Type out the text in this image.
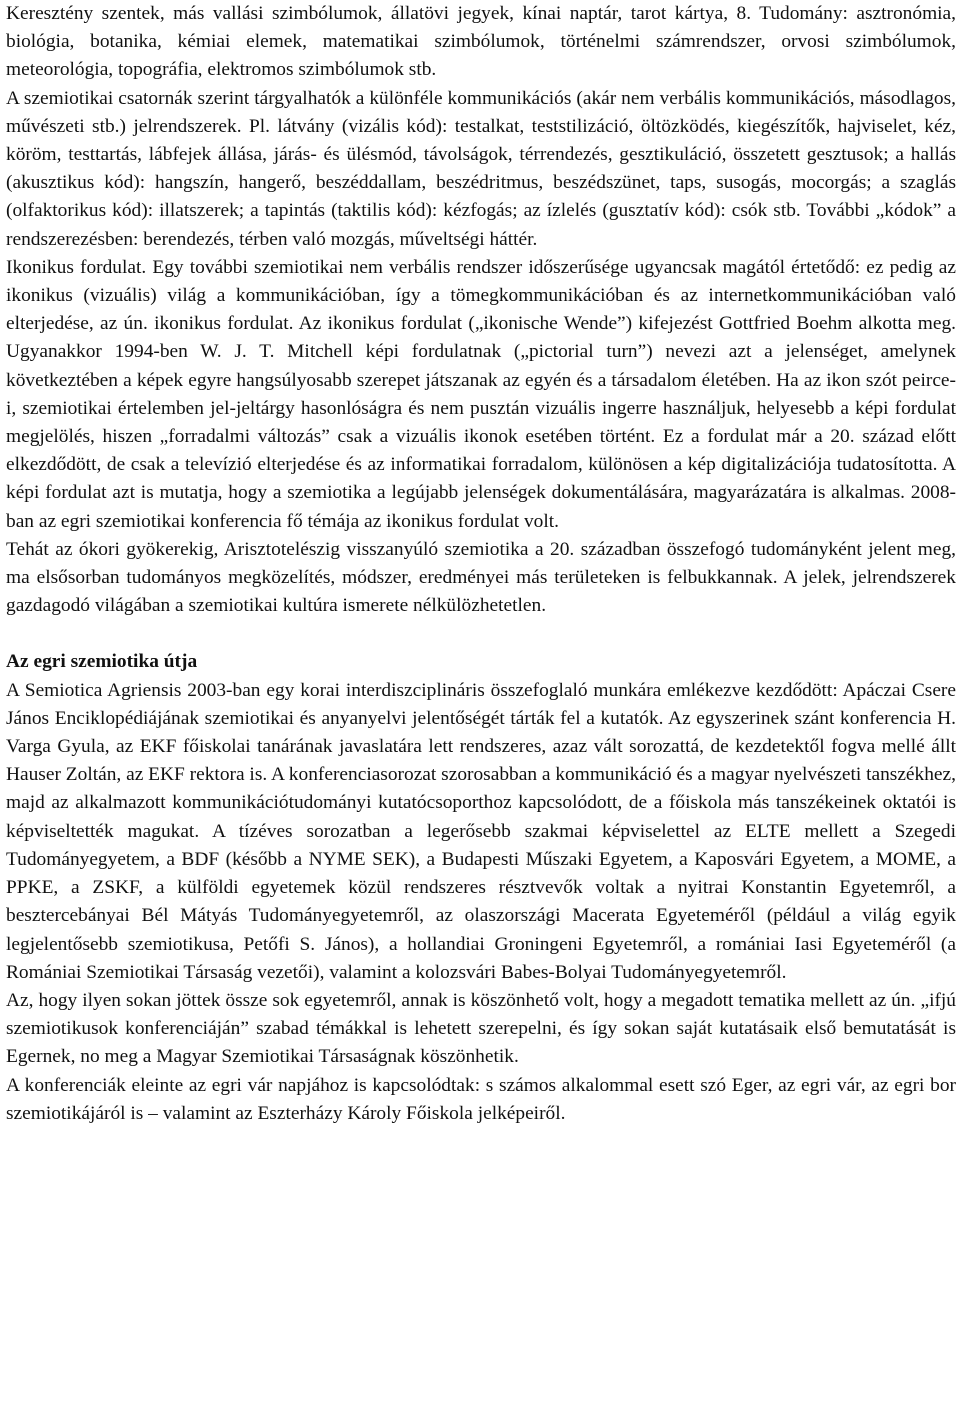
Keresztény szentek, más vallási szimbólumok, állatövi jegyek, kínai naptár, tarot kártya, 8. Tudomány: asztronómia, biológia, botanika, kémiai elemek, matematikai szimbólumok, történelmi számrendszer, orvosi szimbólumok, meteorológia, topográfia, elektromos szimbólumok stb.

A szemiotikai csatornák szerint tárgyalhatók a különféle kommunikációs (akár nem verbális kommunikációs, másodlagos, művészeti stb.) jelrendszerek. Pl. látvány (vizális kód): testalkat, teststilizáció, öltözködés, kiegészítők, hajviselet, kéz, köröm, testtartás, lábfejek állása, járás- és ülésmód, távolságok, térrendezés, gesztikuláció, összetett gesztusok; a hallás (akusztikus kód): hangszín, hangerő, beszéddallam, beszédritmus, beszédszünet, taps, susogás, mocorgás; a szaglás (olfaktorikus kód): illatszerek; a tapintás (taktilis kód): kézfogás; az ízlelés (gusztatív kód): csók stb. További „kódok” a rendszerezésben: berendezés, térben való mozgás, műveltségi háttér.

Ikonikus fordulat. Egy további szemiotikai nem verbális rendszer időszerűsége ugyancsak magától értetődő: ez pedig az ikonikus (vizuális) világ a kommunikációban, így a tömegkommunikációban és az internetkommunikációban való elterjedése, az ún. ikonikus fordulat. Az ikonikus fordulat („ikonische Wende”) kifejezést Gottfried Boehm alkotta meg. Ugyanakkor 1994-ben W. J. T. Mitchell képi fordulatnak („pictorial turn”) nevezi azt a jelenséget, amelynek következtében a képek egyre hangsúlyosabb szerepet játszanak az egyén és a társadalom életében. Ha az ikon szót peirce-i, szemiotikai értelemben jel-jeltárgy hasonlóságra és nem pusztán vizuális ingerre használjuk, helyesebb a képi fordulat megjelölés, hiszen „forradalmi változás” csak a vizuális ikonok esetében történt. Ez a fordulat már a 20. század előtt elkezdődött, de csak a televízió elterjedése és az informatikai forradalom, különösen a kép digitalizációja tudatosította. A képi fordulat azt is mutatja, hogy a szemiotika a legújabb jelenségek dokumentálására, magyarázatára is alkalmas. 2008-ban az egri szemiotikai konferencia fő témája az ikonikus fordulat volt.

Tehát az ókori gyökerekig, Arisztotelészig visszanyúló szemiotika a 20. században összefogó tudományként jelent meg, ma elsősorban tudományos megközelítés, módszer, eredményei más területeken is felbukkannak. A jelek, jelrendszerek gazdagodó világában a szemiotikai kultúra ismerete nélkülözhetetlen.

Az egri szemiotika útja

A Semiotica Agriensis 2003-ban egy korai interdiszciplináris összefoglaló munkára emlékezve kezdődött: Apáczai Csere János Enciklopédiájának szemiotikai és anyanyelvi jelentőségét tárták fel a kutatók. Az egyszerinek szánt konferencia H. Varga Gyula, az EKF főiskolai tanárának javaslatára lett rendszeres, azaz vált sorozattá, de kezdetektől fogva mellé állt Hauser Zoltán, az EKF rektora is. A konferenciasorozat szorosabban a kommunikáció és a magyar nyelvészeti tanszékhez, majd az alkalmazott kommunikációtudományi kutatócsoporthoz kapcsolódott, de a főiskola más tanszékeinek oktatói is képviseltették magukat. A tízéves sorozatban a legerősebb szakmai képviselettel az ELTE mellett a Szegedi Tudományegyetem, a BDF (később a NYME SEK), a Budapesti Műszaki Egyetem, a Kaposvári Egyetem, a MOME, a PPKE, a ZSKF, a külföldi egyetemek közül rendszeres résztvevők voltak a nyitrai Konstantin Egyetemről, a besztercebányai Bél Mátyás Tudományegyetemről, az olaszországi Macerata Egyeteméről (például a világ egyik legjelentősebb szemiotikusa, Petőfi S. János), a hollandiai Groningeni Egyetemről, a romániai Iasi Egyeteméről (a Romániai Szemiotikai Társaság vezetői), valamint a kolozsvári Babes-Bolyai Tudományegyetemről.

Az, hogy ilyen sokan jöttek össze sok egyetemről, annak is köszönhető volt, hogy a megadott tematika mellett az ún. „ifjú szemiotikusok konferenciáján” szabad témákkal is lehetett szerepelni, és így sokan saját kutatásaik első bemutatását is Egernek, no meg a Magyar Szemiotikai Társaságnak köszönhetik.

A konferenciák eleinte az egri vár napjához is kapcsolódtak: s számos alkalommal esett szó Eger, az egri vár, az egri bor szemiotikájáról is – valamint az Eszterházy Károly Főiskola jelképeiről.
